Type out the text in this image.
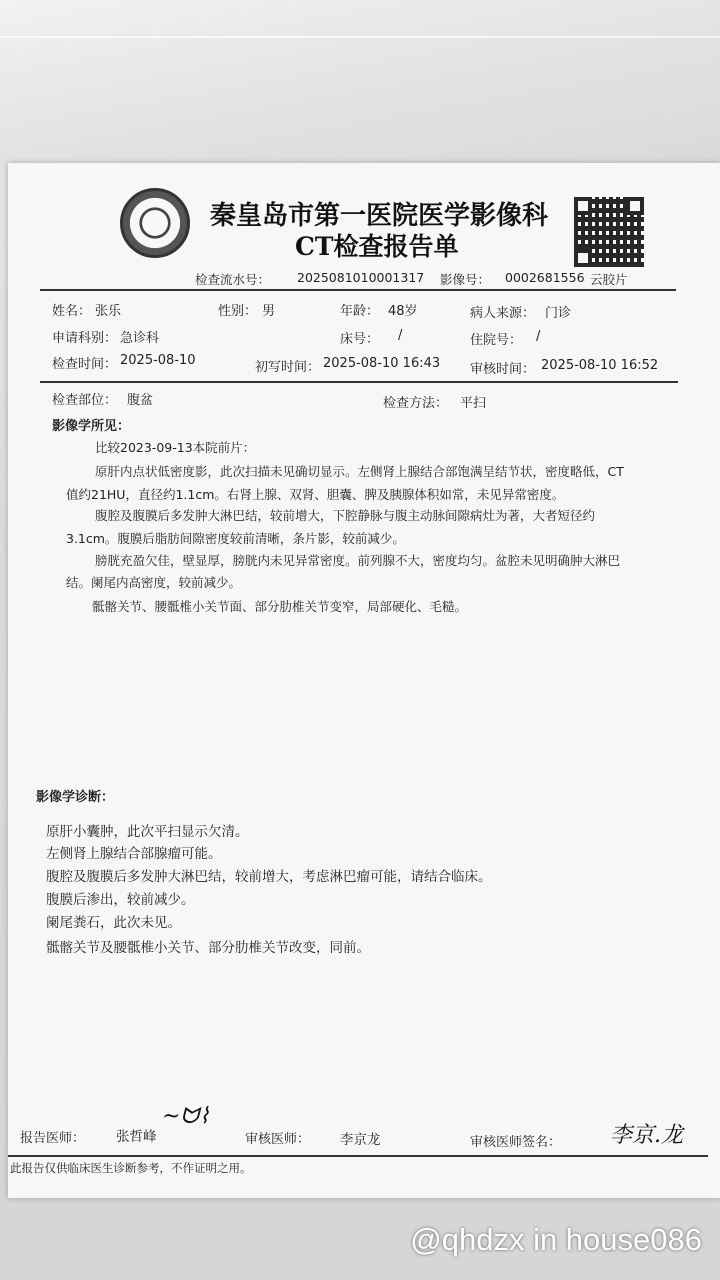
秦皇岛市第一医院医学影像科
CT检查报告单
检查流水号： 2025081010001317 影像号： 0002681556 云胶片
姓名： 张乐	性别： 男	年龄： 48岁	病人来源： 门诊
申请科别： 急诊科	床号： /	住院号： /
检查时间： 2025-08-10	初写时间： 2025-08-10 16:43 审核时间： 2025-08-10 16:52
检查部位： 腹盆	检查方法： 平扫
影像学所见：
比较2023-09-13本院前片：
原肝内点状低密度影，此次扫描未见确切显示。左侧肾上腺结合部饱满呈结节状，密度略低，CT
值约21HU，直径约1.1cm。右肾上腺、双肾、胆囊、脾及胰腺体积如常，未见异常密度。
腹腔及腹膜后多发肿大淋巴结，较前增大，下腔静脉与腹主动脉间隙病灶为著，大者短径约
3.1cm。腹膜后脂肪间隙密度较前清晰，条片影，较前减少。
膀胱充盈欠佳，壁显厚，膀胱内未见异常密度。前列腺不大，密度均匀。盆腔未见明确肿大淋巴
结。阑尾内高密度，较前减少。
骶髂关节、腰骶椎小关节面、部分肋椎关节变窄，局部硬化、毛糙。
影像学诊断：
原肝小囊肿，此次平扫显示欠清。
左侧肾上腺结合部腺瘤可能。
腹腔及腹膜后多发肿大淋巴结，较前增大，考虑淋巴瘤可能，请结合临床。
腹膜后渗出，较前减少。
阑尾粪石，此次未见。
骶髂关节及腰骶椎小关节、部分肋椎关节改变，同前。
报告医师： 张哲峰
~ᗢ⌇
审核医师： 李京龙	审核医师签名： 李京.龙
此报告仅供临床医生诊断参考，不作证明之用。
@qhdzx in house086
